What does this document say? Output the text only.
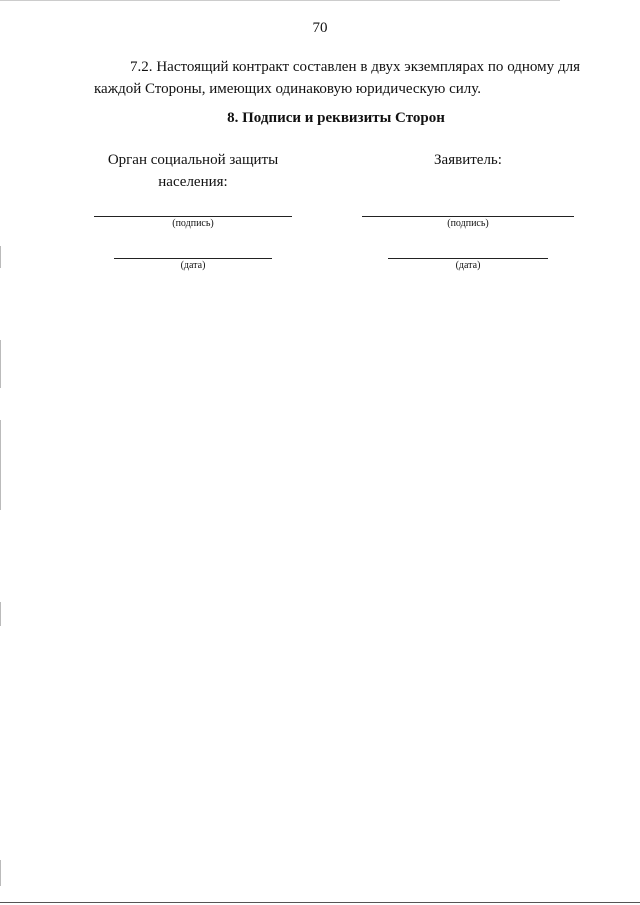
70
7.2. Настоящий контракт составлен в двух экземплярах по одному для каждой Стороны, имеющих одинаковую юридическую силу.
8. Подписи и реквизиты Сторон
Орган социальной защиты населения:
Заявитель:
(подпись)
(дата)
(подпись)
(дата)
